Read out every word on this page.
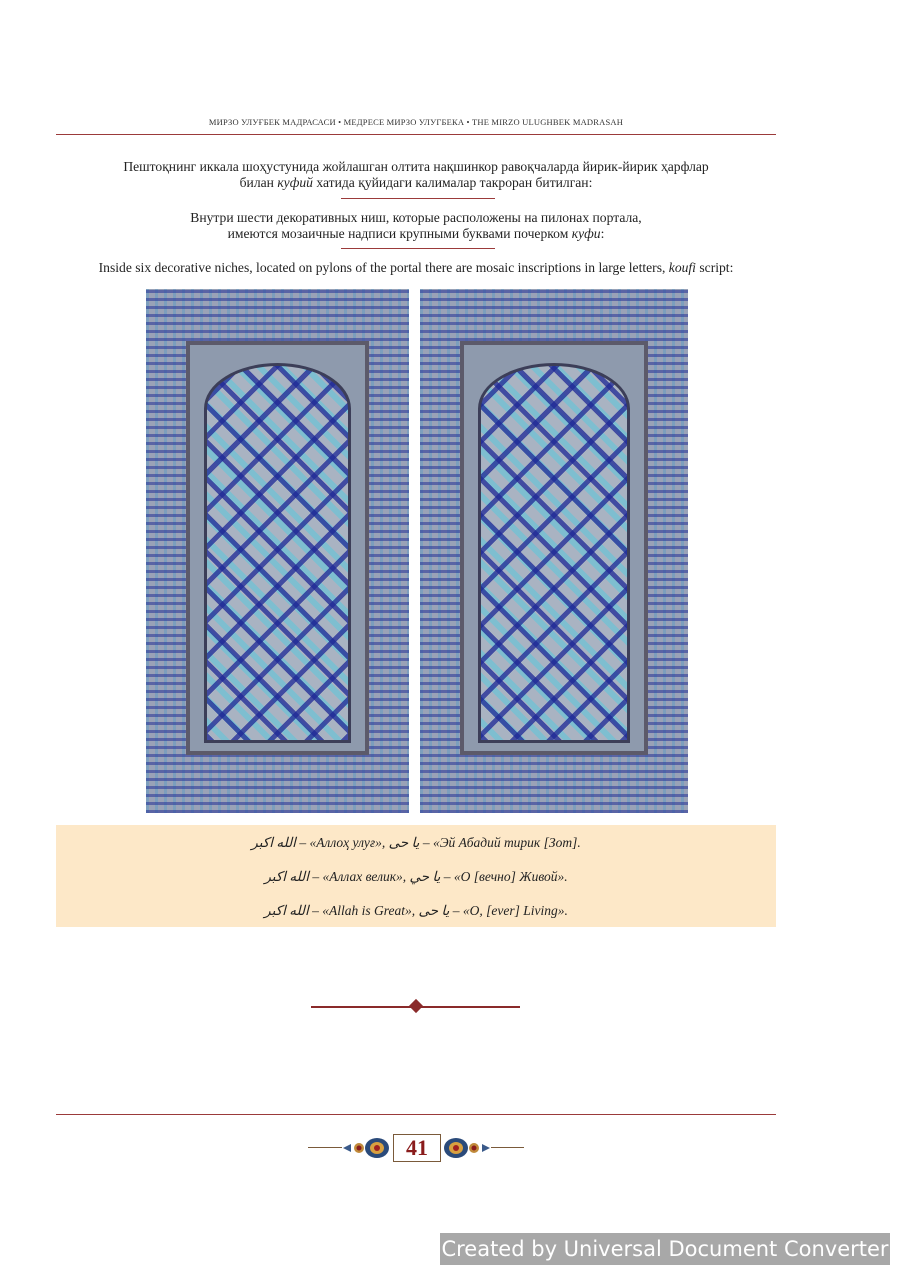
МИРЗО УЛУҒБЕК МАДРАСАСИ • МЕДРЕСЕ МИРЗО УЛУГБЕКА • THE MIRZO ULUGHBEK MADRASAH
Пештоқнинг иккала шоҳустунида жойлашган олтита нақшинкор равоқчаларда йирик-йирик ҳарфлар
билан куфий хатида қуйидаги калималар такроран битилган:
Внутри шести декоративных ниш, которые расположены на пилонах портала,
имеются мозаичные надписи крупными буквами почерком куфи:
Inside six decorative niches, located on pylons of the portal there are mosaic inscriptions in large letters, koufi script:
الله اكبر – «Аллоҳ улуғ», يا حى – «Эй Абадий тирик [Зот].
الله اكبر – «Аллах велик», يا حي – «О [вечно] Живой».
الله اكبر – «Allah is Great», يا حى – «O, [ever] Living».
41
Created by Universal Document Converter
